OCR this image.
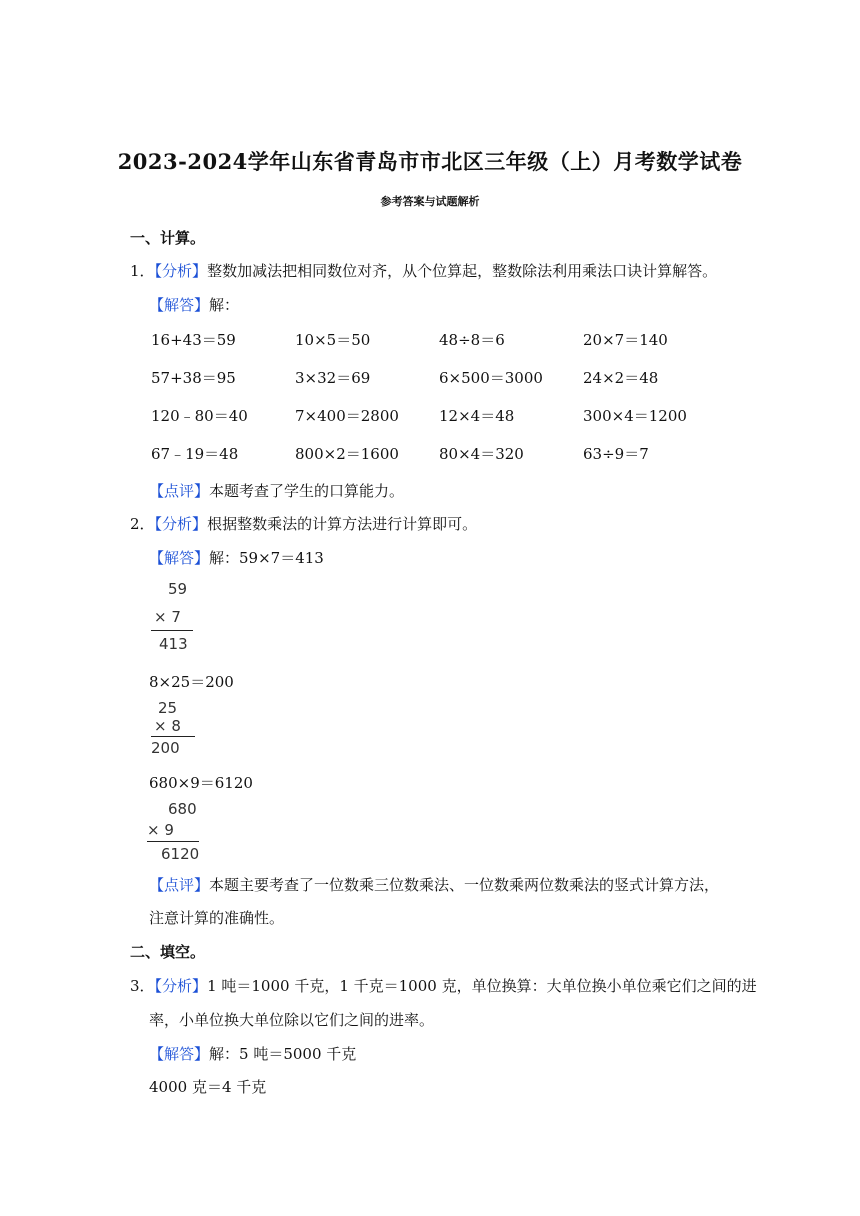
2023-2024学年山东省青岛市市北区三年级（上）月考数学试卷
参考答案与试题解析
一、计算。
1．【分析】整数加减法把相同数位对齐，从个位算起，整数除法利用乘法口诀计算解答。
【解答】解：
16+43＝59	10×5＝50	48÷8＝6	20×7＝140
57+38＝95	3×32＝69	6×500＝3000	24×2＝48
120﹣80＝40	7×400＝2800	12×4＝48	300×4＝1200
67﹣19＝48	800×2＝1600	80×4＝320	63÷9＝7
【点评】本题考查了学生的口算能力。
2．【分析】根据整数乘法的计算方法进行计算即可。
【解答】解：59×7＝413
59
× 7
413
8×25＝200
25
× 8
200
680×9＝6120
680
× 9
6120
【点评】本题主要考查了一位数乘三位数乘法、一位数乘两位数乘法的竖式计算方法，
注意计算的准确性。
二、填空。
3．【分析】1 吨＝1000 千克，1 千克＝1000 克，单位换算：大单位换小单位乘它们之间的进
率，小单位换大单位除以它们之间的进率。
【解答】解：5 吨＝5000 千克
4000 克＝4 千克
